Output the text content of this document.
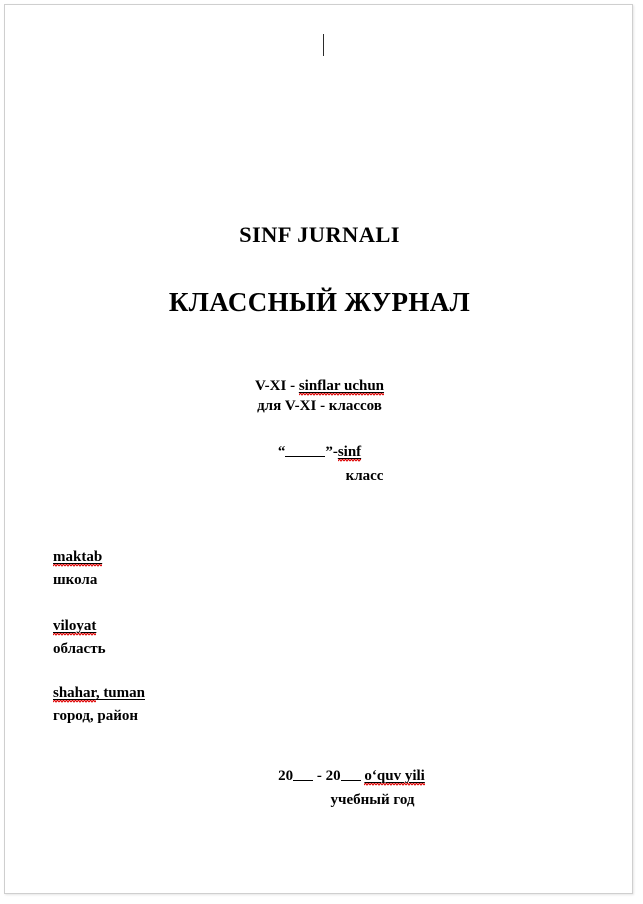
SINF JURNALI
КЛАССНЫЙ ЖУРНАЛ
V-XI - sinflar uchun
для V-XI - классов
“	”-sinf
класс
maktab
школа
viloyat
область
shahar, tuman
город, район
20 - 20 oʻquv yili
учебный год
